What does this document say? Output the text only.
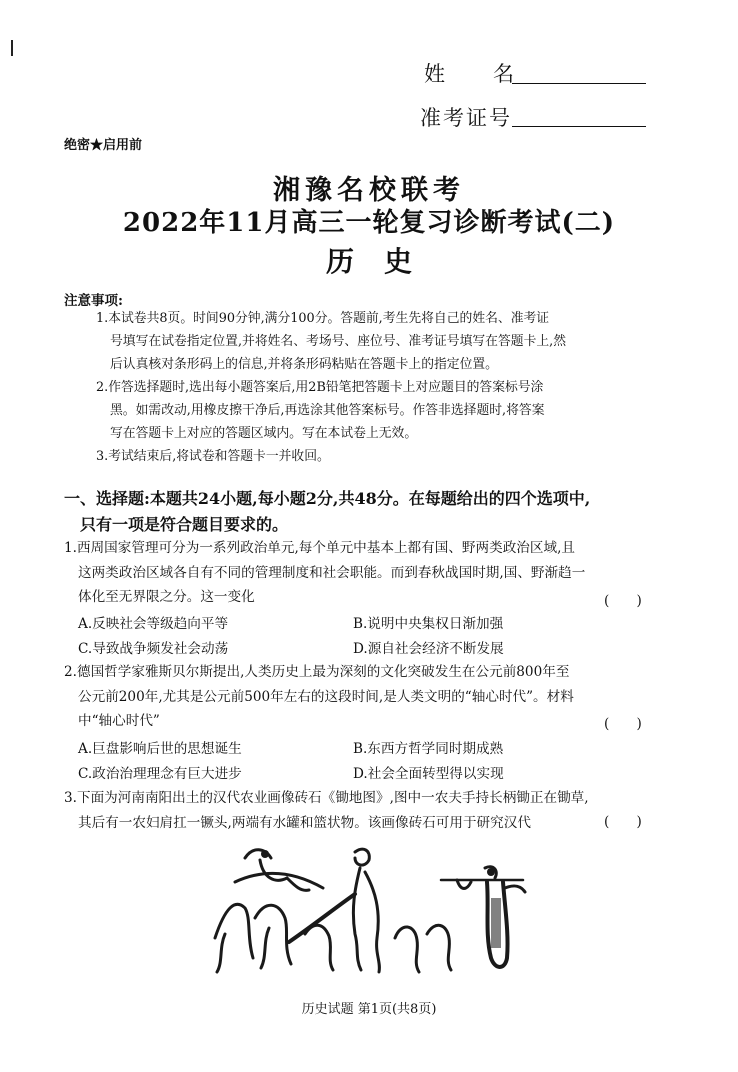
姓　　名
准考证号
绝密★启用前
湘豫名校联考
2022年11月高三一轮复习诊断考试(二)
历史
注意事项:
1.本试卷共8页。时间90分钟,满分100分。答题前,考生先将自己的姓名、准考证
号填写在试卷指定位置,并将姓名、考场号、座位号、准考证号填写在答题卡上,然
后认真核对条形码上的信息,并将条形码粘贴在答题卡上的指定位置。
2.作答选择题时,选出每小题答案后,用2B铅笔把答题卡上对应题目的答案标号涂
黑。如需改动,用橡皮擦干净后,再选涂其他答案标号。作答非选择题时,将答案
写在答题卡上对应的答题区域内。写在本试卷上无效。
3.考试结束后,将试卷和答题卡一并收回。
一、选择题:本题共24小题,每小题2分,共48分。在每题给出的四个选项中,
只有一项是符合题目要求的。
1.西周国家管理可分为一系列政治单元,每个单元中基本上都有国、野两类政治区域,且
这两类政治区域各自有不同的管理制度和社会职能。而到春秋战国时期,国、野渐趋一
体化至无界限之分。这一变化	(　　)
A.反映社会等级趋向平等	B.说明中央集权日渐加强
C.导致战争频发社会动荡	D.源自社会经济不断发展
2.德国哲学家雅斯贝尔斯提出,人类历史上最为深刻的文化突破发生在公元前800年至
公元前200年,尤其是公元前500年左右的这段时间,是人类文明的“轴心时代”。材料
中“轴心时代”	(　　)
A.巨盘影响后世的思想诞生	B.东西方哲学同时期成熟
C.政治治理理念有巨大进步	D.社会全面转型得以实现
3.下面为河南南阳出土的汉代农业画像砖石《锄地图》,图中一农夫手持长柄锄正在锄草,
其后有一农妇肩扛一镢头,两端有水罐和篮状物。该画像砖石可用于研究汉代	(　　)
历史试题 第1页(共8页)
